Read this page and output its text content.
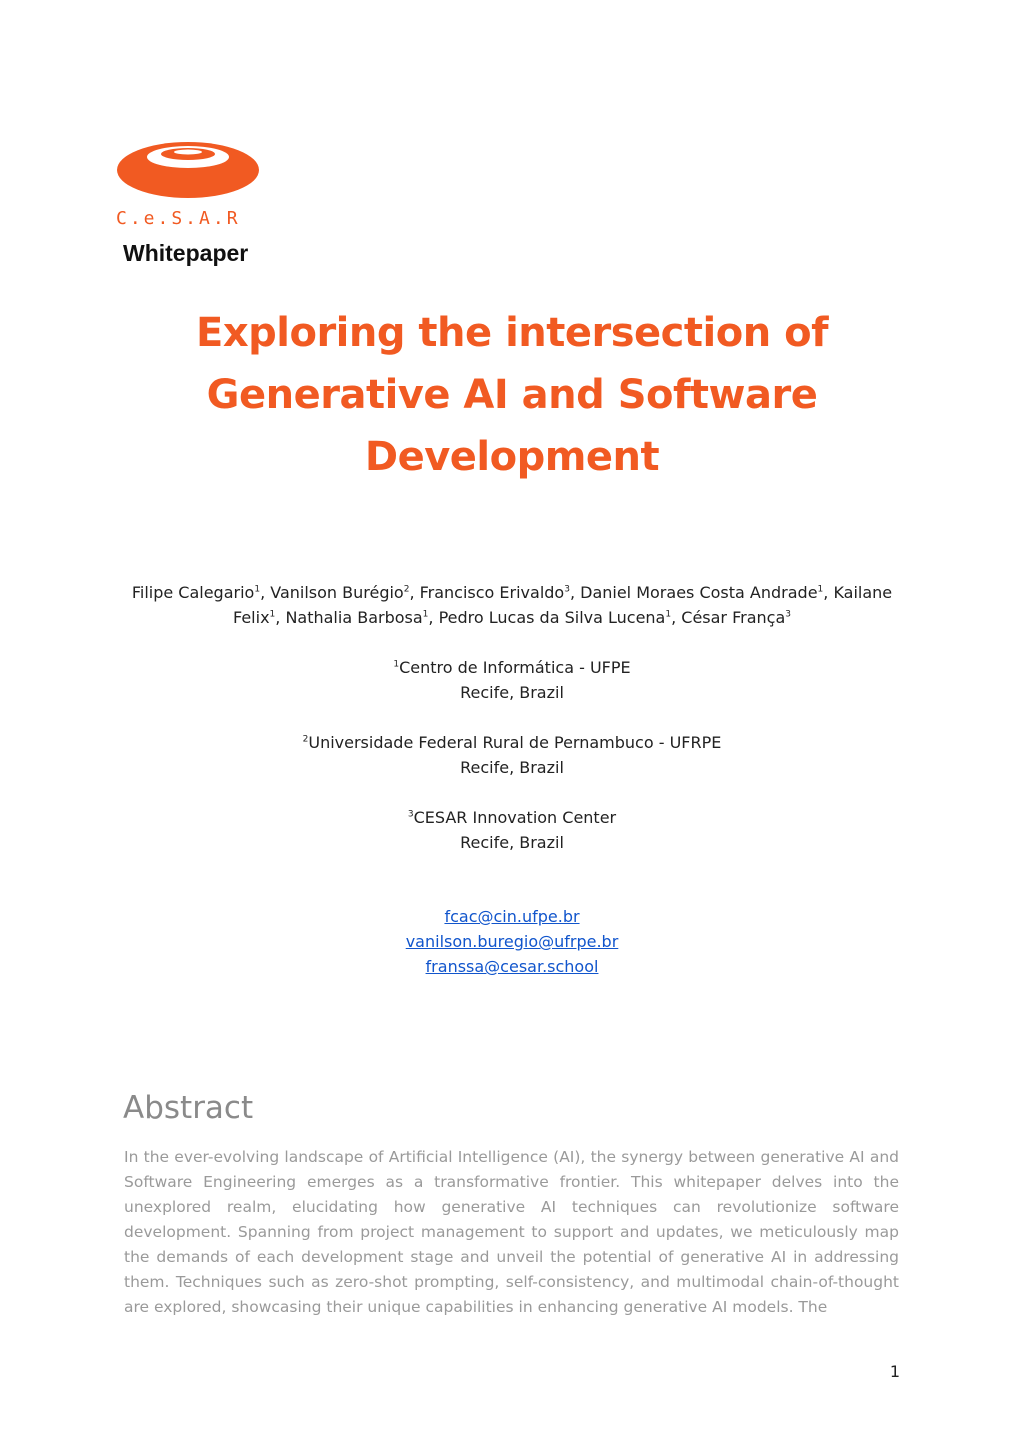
C.e.S.A.R
Whitepaper
Exploring the intersection of
Generative AI and Software
Development
Filipe Calegario$^1$, Vanilson Burégio$^2$, Francisco Erivaldo$^3$, Daniel Moraes Costa Andrade$^1$, Kailane
Felix$^1$, Nathalia Barbosa$^1$, Pedro Lucas da Silva Lucena$^1$, César França$^3$
$^1$Centro de Informática - UFPE
Recife, Brazil
$^2$Universidade Federal Rural de Pernambuco - UFRPE
Recife, Brazil
$^3$CESAR Innovation Center
Recife, Brazil
fcac@cin.ufpe.br
vanilson.buregio@ufrpe.br
franssa@cesar.school
Abstract

In the ever-evolving landscape of Artificial Intelligence (AI), the synergy between generative AI and Software Engineering emerges as a transformative frontier. This whitepaper delves into the unexplored realm, elucidating how generative AI techniques can revolutionize software development. Spanning from project management to support and updates, we meticulously map the demands of each development stage and unveil the potential of generative AI in addressing them. Techniques such as zero-shot prompting, self-consistency, and multimodal chain-of-thought are explored, showcasing their unique capabilities in enhancing generative AI models. The

1
